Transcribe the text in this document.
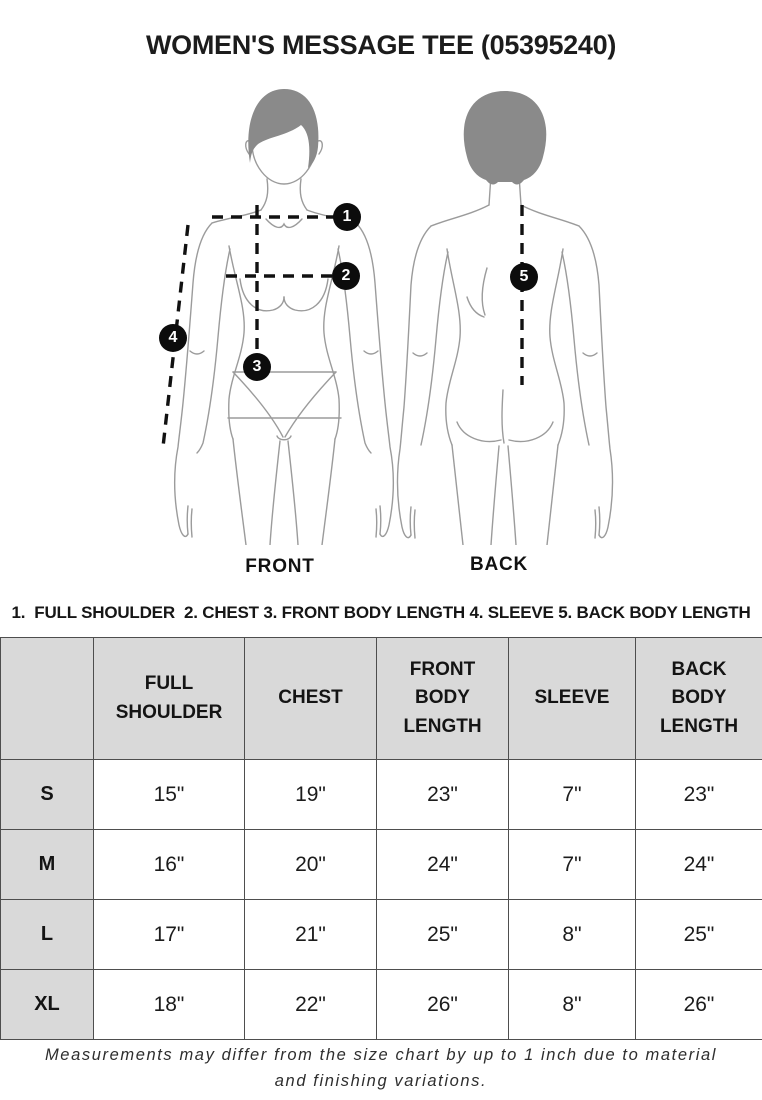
WOMEN'S MESSAGE TEE (05395240)
1
2
3
4
5
FRONT	BACK
1.  FULL SHOULDER  2. CHEST 3. FRONT BODY LENGTH 4. SLEEVE 5. BACK BODY LENGTH
	FULL SHOULDER	CHEST	FRONT BODY LENGTH	SLEEVE	BACK BODY LENGTH
S	15"	19"	23"	7"	23"
M	16"	20"	24"	7"	24"
L	17"	21"	25"	8"	25"
XL	18"	22"	26"	8"	26"

Measurements may differ from the size chart by up to 1 inch due to material and finishing variations.
